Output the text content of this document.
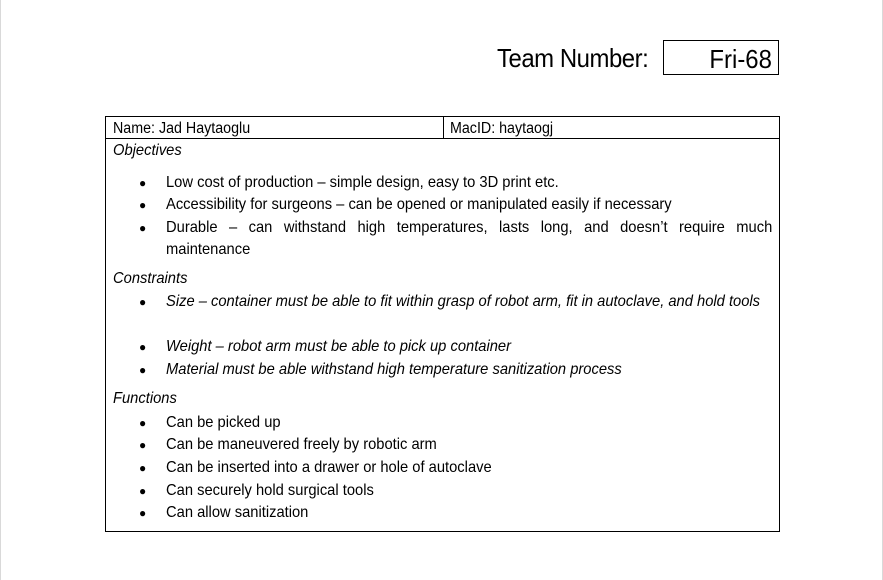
Team Number: Fri-68
Name: Jad Haytaoglu	MacID: haytaogj
Objectives
● Low cost of production – simple design, easy to 3D print etc.
● Accessibility for surgeons – can be opened or manipulated easily if necessary
● Durable – can withstand high temperatures, lasts long, and doesn’t require much maintenance
Constraints
● Size – container must be able to fit within grasp of robot arm, fit in autoclave, and hold tools
● Weight – robot arm must be able to pick up container
● Material must be able withstand high temperature sanitization process
Functions
● Can be picked up
● Can be maneuvered freely by robotic arm
● Can be inserted into a drawer or hole of autoclave
● Can securely hold surgical tools
● Can allow sanitization
